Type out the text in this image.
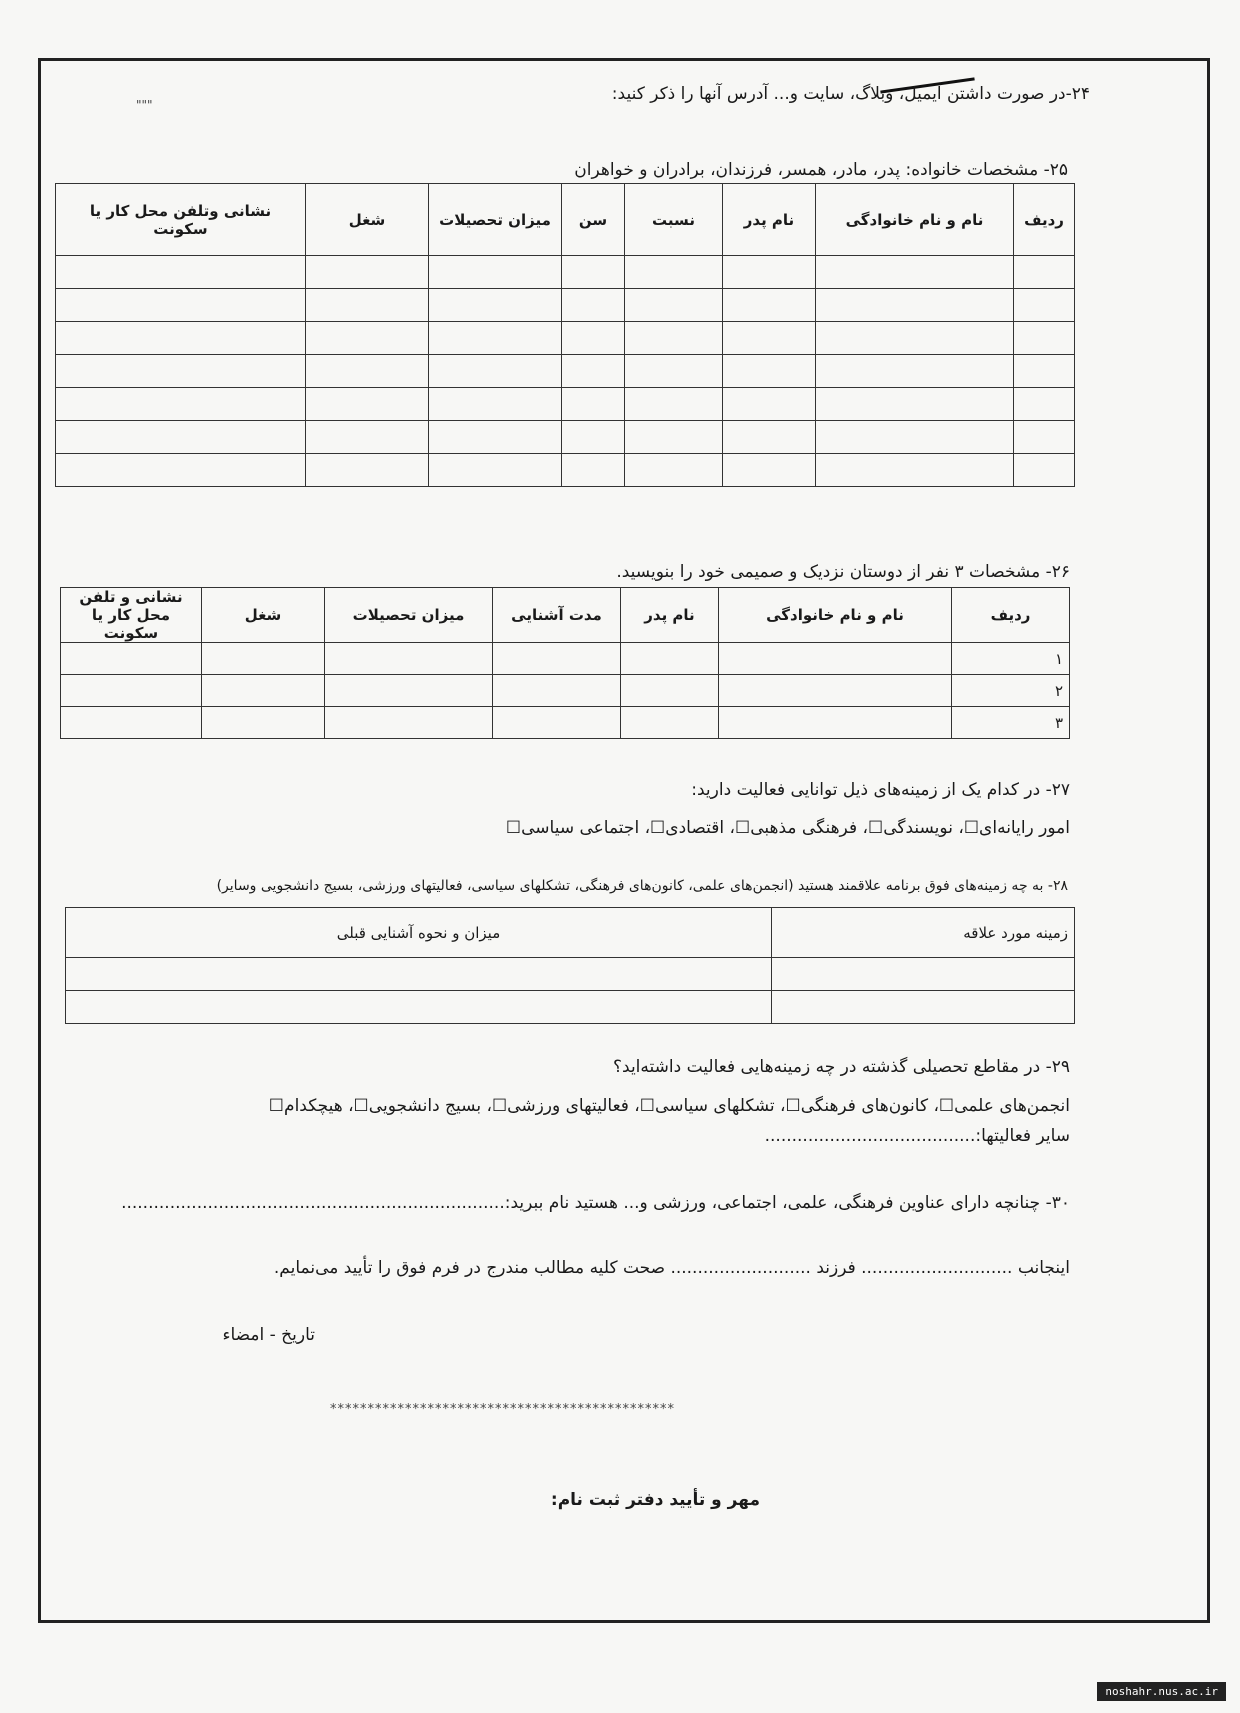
"""
۲۴-در صورت داشتن ایمیل، وبلاگ، سایت و... آدرس آنها را ذکر کنید:
۲۵- مشخصات خانواده: پدر، مادر، همسر، فرزندان، برادران و خواهران
ردیف	نام و نام خانوادگی	نام پدر	نسبت	سن	میزان تحصیلات	شغل	نشانی وتلفن محل کار یا سکونت

۲۶- مشخصات ۳ نفر از دوستان نزدیک و صمیمی خود را بنویسید.
ردیف	نام و نام خانوادگی	نام پدر	مدت آشنایی	میزان تحصیلات	شغل	نشانی و تلفن محل کار یا سکونت
۱						
۲						
۳						
۲۷- در کدام یک از زمینه‌های ذیل توانایی فعالیت دارید:
امور رایانه‌ای☐، نویسندگی☐، فرهنگی مذهبی☐، اقتصادی☐، اجتماعی سیاسی☐
۲۸- به چه زمینه‌های فوق برنامه علاقمند هستید (انجمن‌های علمی، کانون‌های فرهنگی، تشکلهای سیاسی، فعالیتهای ورزشی، بسیج دانشجویی وسایر)
زمینه مورد علاقه	میزان و نحوه آشنایی قبلی

۲۹- در مقاطع تحصیلی گذشته در چه زمینه‌هایی فعالیت داشته‌اید؟
انجمن‌های علمی☐، کانون‌های فرهنگی☐، تشکلهای سیاسی☐، فعالیتهای ورزشی☐، بسیج دانشجویی☐، هیچکدام☐
سایر فعالیتها:.......................................
۳۰- چنانچه دارای عناوین فرهنگی، علمی، اجتماعی، ورزشی و... هستید نام ببرید:.......................................................................
اینجانب ............................ فرزند .......................... صحت کلیه مطالب مندرج در فرم فوق را تأیید می‌نمایم.
تاریخ - امضاء
**********************************************
مهر و تأیید دفتر ثبت نام:
noshahr.nus.ac.ir
